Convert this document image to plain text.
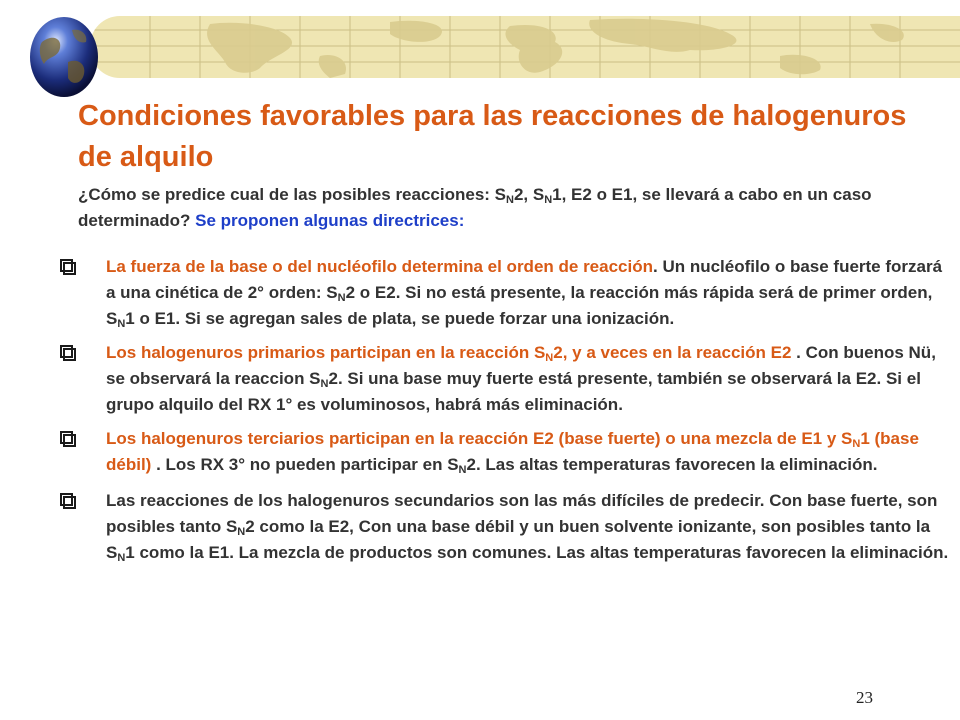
Condiciones favorables para las reacciones de halogenuros de alquilo
¿Cómo se predice cual de las posibles reacciones: $S_N2$, $S_N1$, E2 o E1, se llevará a cabo en un caso determinado? Se proponen algunas directrices:

La fuerza de la base o del nucléofilo determina el orden de reacción. Un nucléofilo o base fuerte forzará a una cinética de 2° orden: $S_N2$ o E2. Si no está presente, la reacción más rápida será de primer orden, $S_N1$ o E1. Si se agregan sales de plata, se puede forzar una ionización.

Los halogenuros primarios participan en la reacción $S_N2$, y a veces en la reacción E2 . Con buenos Nü, se observará la reaccion $S_N2$. Si una base muy fuerte está presente, también se observará la E2. Si el grupo alquilo del RX 1° es voluminosos, habrá más eliminación.

Los halogenuros terciarios participan en la reacción E2 (base fuerte) o una mezcla de E1 y $S_N1$ (base débil) . Los RX 3° no pueden participar en $S_N2$. Las altas temperaturas favorecen la eliminación.

Las reacciones de los halogenuros secundarios son las más difíciles de predecir. Con base fuerte, son posibles tanto $S_N2$ como la E2, Con una base débil y un buen solvente ionizante, son posibles tanto la $S_N1$ como la E1. La mezcla de productos son comunes. Las altas temperaturas favorecen la eliminación.

23
